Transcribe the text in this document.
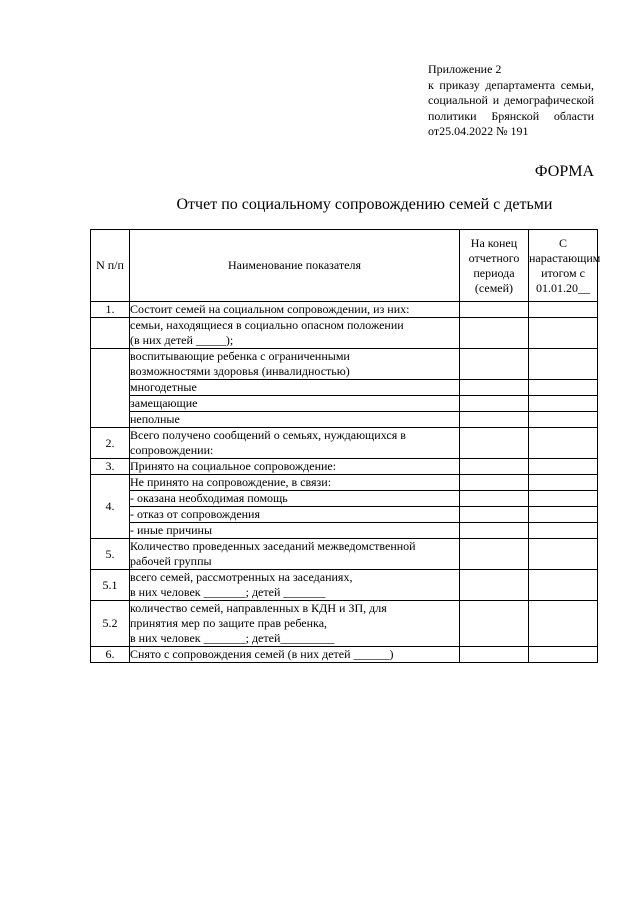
Приложение 2
к приказу департамента семьи,
социальной и демографической
политики Брянской области
от25.04.2022 № 191
ФОРМА
Отчет по социальному сопровождению семей с детьми
N п/п	Наименование показателя	На конец отчетного периода (семей)	С нарастающим итогом с 01.01.20__
1.	Состоит семей на социальном сопровождении, из них:		

	семьи, находящиеся в социально опасном положении
(в них детей _____);		

	воспитывающие ребенка с ограниченными
возможностями здоровья (инвалидностью)		

	многодетные		

	замещающие		

	неполные		

2.	Всего получено сообщений о семьях, нуждающихся в
сопровождении:		

3.	Принято на социальное сопровождение:		

4.	Не принято на сопровождение, в связи:		

	- оказана необходимая помощь		

	- отказ от сопровождения		

	- иные причины		

5.	Количество проведенных заседаний межведомственной
рабочей группы		

5.1	всего семей, рассмотренных на заседаниях,
в них человек _______; детей _______		

5.2	количество семей, направленных в КДН и ЗП, для
принятия мер по защите прав ребенка,
в них человек _______; детей_________		

6.	Снято с сопровождения семей (в них детей ______)		
